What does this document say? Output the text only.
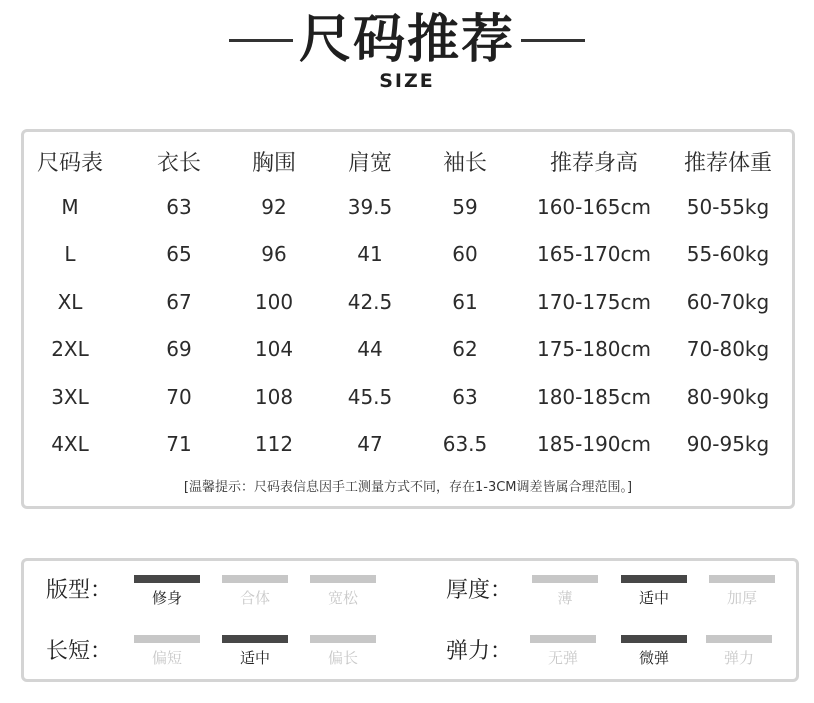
尺码推荐
SIZE
尺码表	衣长	胸围	肩宽	袖长	推荐身高	推荐体重
M	63	92	39.5	59	160-165cm	50-55kg
L	65	96	41	60	165-170cm	55-60kg
XL	67	100	42.5	61	170-175cm	60-70kg
2XL	69	104	44	62	175-180cm	70-80kg
3XL	70	108	45.5	63	180-185cm	80-90kg
4XL	71	112	47	63.5	185-190cm	90-95kg
[温馨提示：尺码表信息因手工测量方式不同，存在1-3CM调差皆属合理范围。]
版型：	修身	合体	宽松	厚度：	薄	适中	加厚
长短：	偏短	适中	偏长	弹力：	无弹	微弹	弹力
